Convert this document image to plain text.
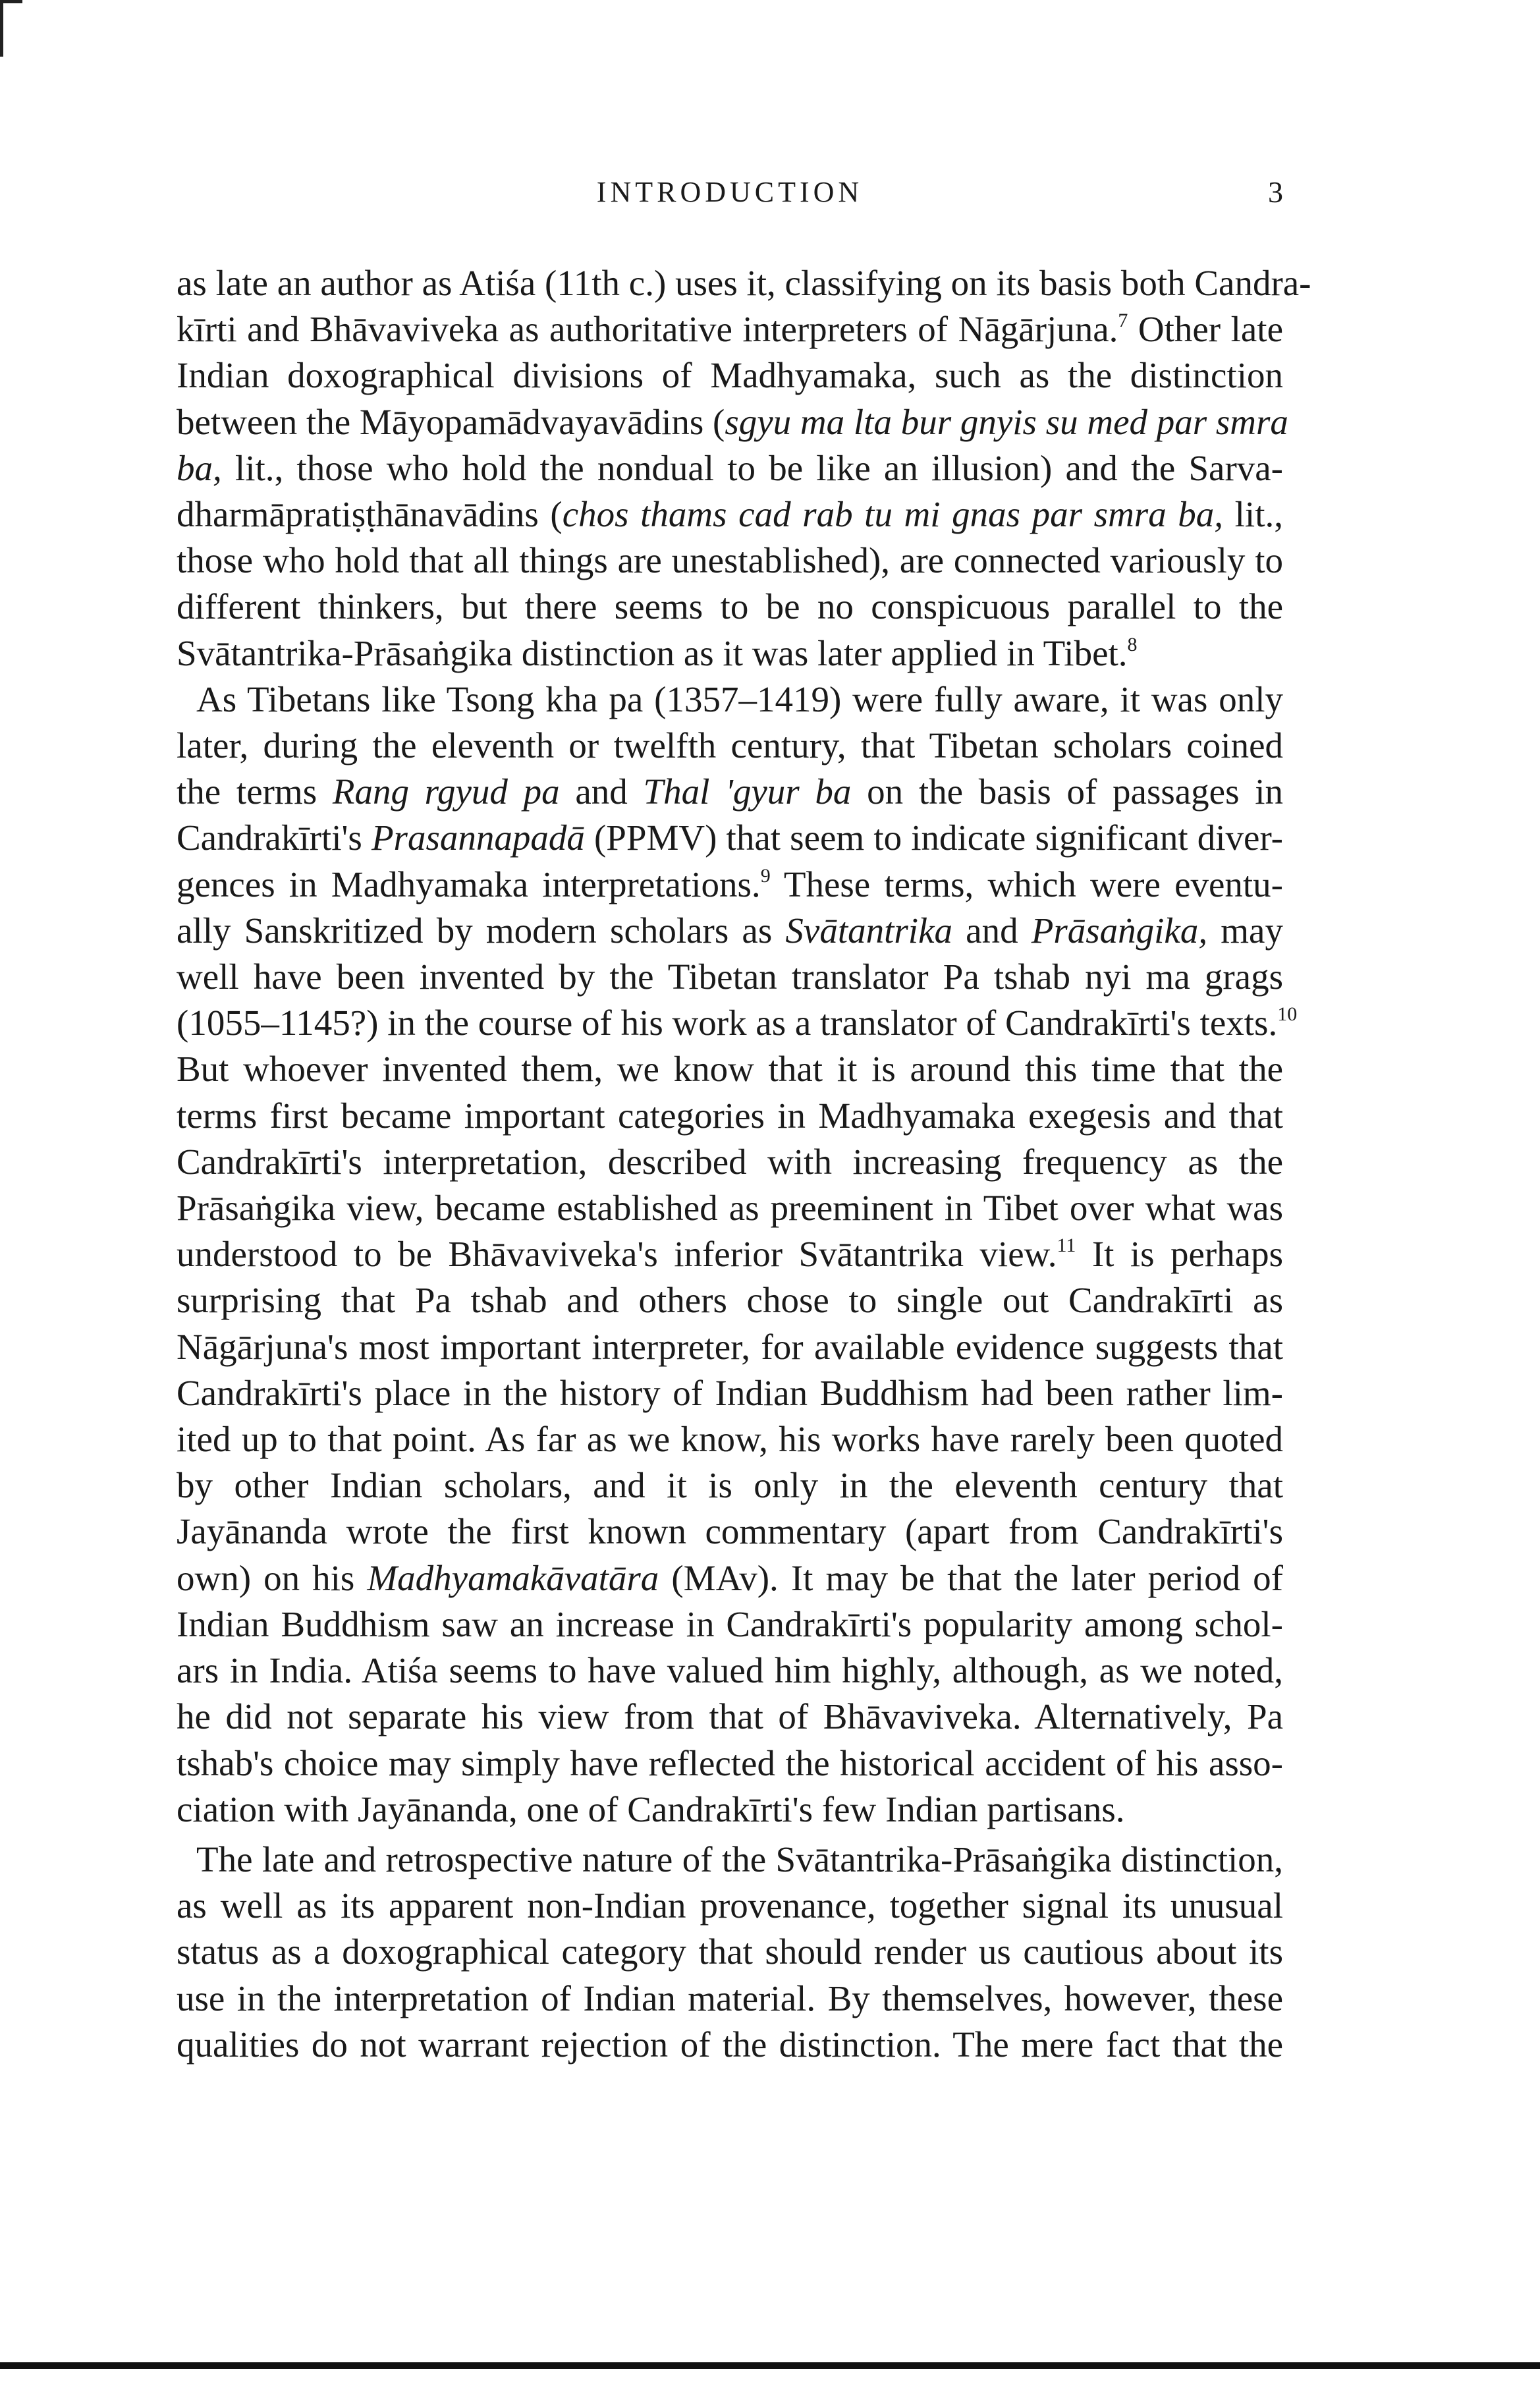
INTRODUCTION	3
as late an author as Atiśa (11th c.) uses it, classifying on its basis both Candra-
kīrti and Bhāvaviveka as authoritative interpreters of Nāgārjuna.$^7$ Other late
Indian doxographical divisions of Madhyamaka, such as the distinction
between the Māyopamādvayavādins (sgyu ma lta bur gnyis su med par smra
ba, lit., those who hold the nondual to be like an illusion) and the Sarva-
dharmāpratiṣṭhānavādins (chos thams cad rab tu mi gnas par smra ba, lit.,
those who hold that all things are unestablished), are connected variously to
different thinkers, but there seems to be no conspicuous parallel to the
Svātantrika-Prāsaṅgika distinction as it was later applied in Tibet.$^8$
As Tibetans like Tsong kha pa (1357–1419) were fully aware, it was only
later, during the eleventh or twelfth century, that Tibetan scholars coined
the terms Rang rgyud pa and Thal 'gyur ba on the basis of passages in
Candrakīrti's Prasannapadā (PPMV) that seem to indicate significant diver-
gences in Madhyamaka interpretations.$^9$ These terms, which were eventu-
ally Sanskritized by modern scholars as Svātantrika and Prāsaṅgika, may
well have been invented by the Tibetan translator Pa tshab nyi ma grags
(1055–1145?) in the course of his work as a translator of Candrakīrti's texts.$^{10}$
But whoever invented them, we know that it is around this time that the
terms first became important categories in Madhyamaka exegesis and that
Candrakīrti's interpretation, described with increasing frequency as the
Prāsaṅgika view, became established as preeminent in Tibet over what was
understood to be Bhāvaviveka's inferior Svātantrika view.$^{11}$ It is perhaps
surprising that Pa tshab and others chose to single out Candrakīrti as
Nāgārjuna's most important interpreter, for available evidence suggests that
Candrakīrti's place in the history of Indian Buddhism had been rather lim-
ited up to that point. As far as we know, his works have rarely been quoted
by other Indian scholars, and it is only in the eleventh century that
Jayānanda wrote the first known commentary (apart from Candrakīrti's
own) on his Madhyamakāvatāra (MAv). It may be that the later period of
Indian Buddhism saw an increase in Candrakīrti's popularity among schol-
ars in India. Atiśa seems to have valued him highly, although, as we noted,
he did not separate his view from that of Bhāvaviveka. Alternatively, Pa
tshab's choice may simply have reflected the historical accident of his asso-
ciation with Jayānanda, one of Candrakīrti's few Indian partisans.
The late and retrospective nature of the Svātantrika-Prāsaṅgika distinction,
as well as its apparent non-Indian provenance, together signal its unusual
status as a doxographical category that should render us cautious about its
use in the interpretation of Indian material. By themselves, however, these
qualities do not warrant rejection of the distinction. The mere fact that the
